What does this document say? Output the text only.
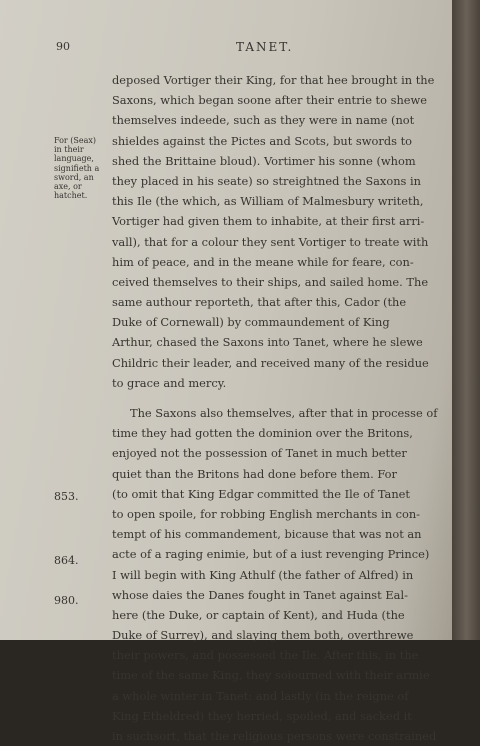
90	TANET.
For (Seax)
in their
language,
signifieth a
sword, an
axe, or
hatchet.
853.
864.
980.
deposed Vortiger their King, for that hee brought in the
Saxons, which began soone after their entrie to shewe
themselves indeede, such as they were in name (not
shieldes against the Pictes and Scots, but swords to
shed the Brittaine bloud). Vortimer his sonne (whom
they placed in his seate) so streightned the Saxons in
this Ile (the which, as William of Malmesbury writeth,
Vortiger had given them to inhabite, at their first arri-
vall), that for a colour they sent Vortiger to treate with
him of peace, and in the meane while for feare, con-
ceived themselves to their ships, and sailed home. The
same authour reporteth, that after this, Cador (the
Duke of Cornewall) by commaundement of King
Arthur, chased the Saxons into Tanet, where he slewe
Childric their leader, and received many of the residue
to grace and mercy.
The Saxons also themselves, after that in processe of
time they had gotten the dominion over the Britons,
enjoyed not the possession of Tanet in much better
quiet than the Britons had done before them. For
(to omit that King Edgar committed the Ile of Tanet
to open spoile, for robbing English merchants in con-
tempt of his commandement, bicause that was not an
acte of a raging enimie, but of a iust revenging Prince)
I will begin with King Athulf (the father of Alfred) in
whose daies the Danes fought in Tanet against Eal-
here (the Duke, or captain of Kent), and Huda (the
Duke of Surrey), and slaying them both, overthrewe
their powers, and possessed the Ile. After this, in the
time of the same King, they soiourned with their armie
a whole winter in Tanet: and lastly (in the reigne of
King Etheldred) they herried, spoiled, and sacked it
in suchsort, that the religious persons were constrained
